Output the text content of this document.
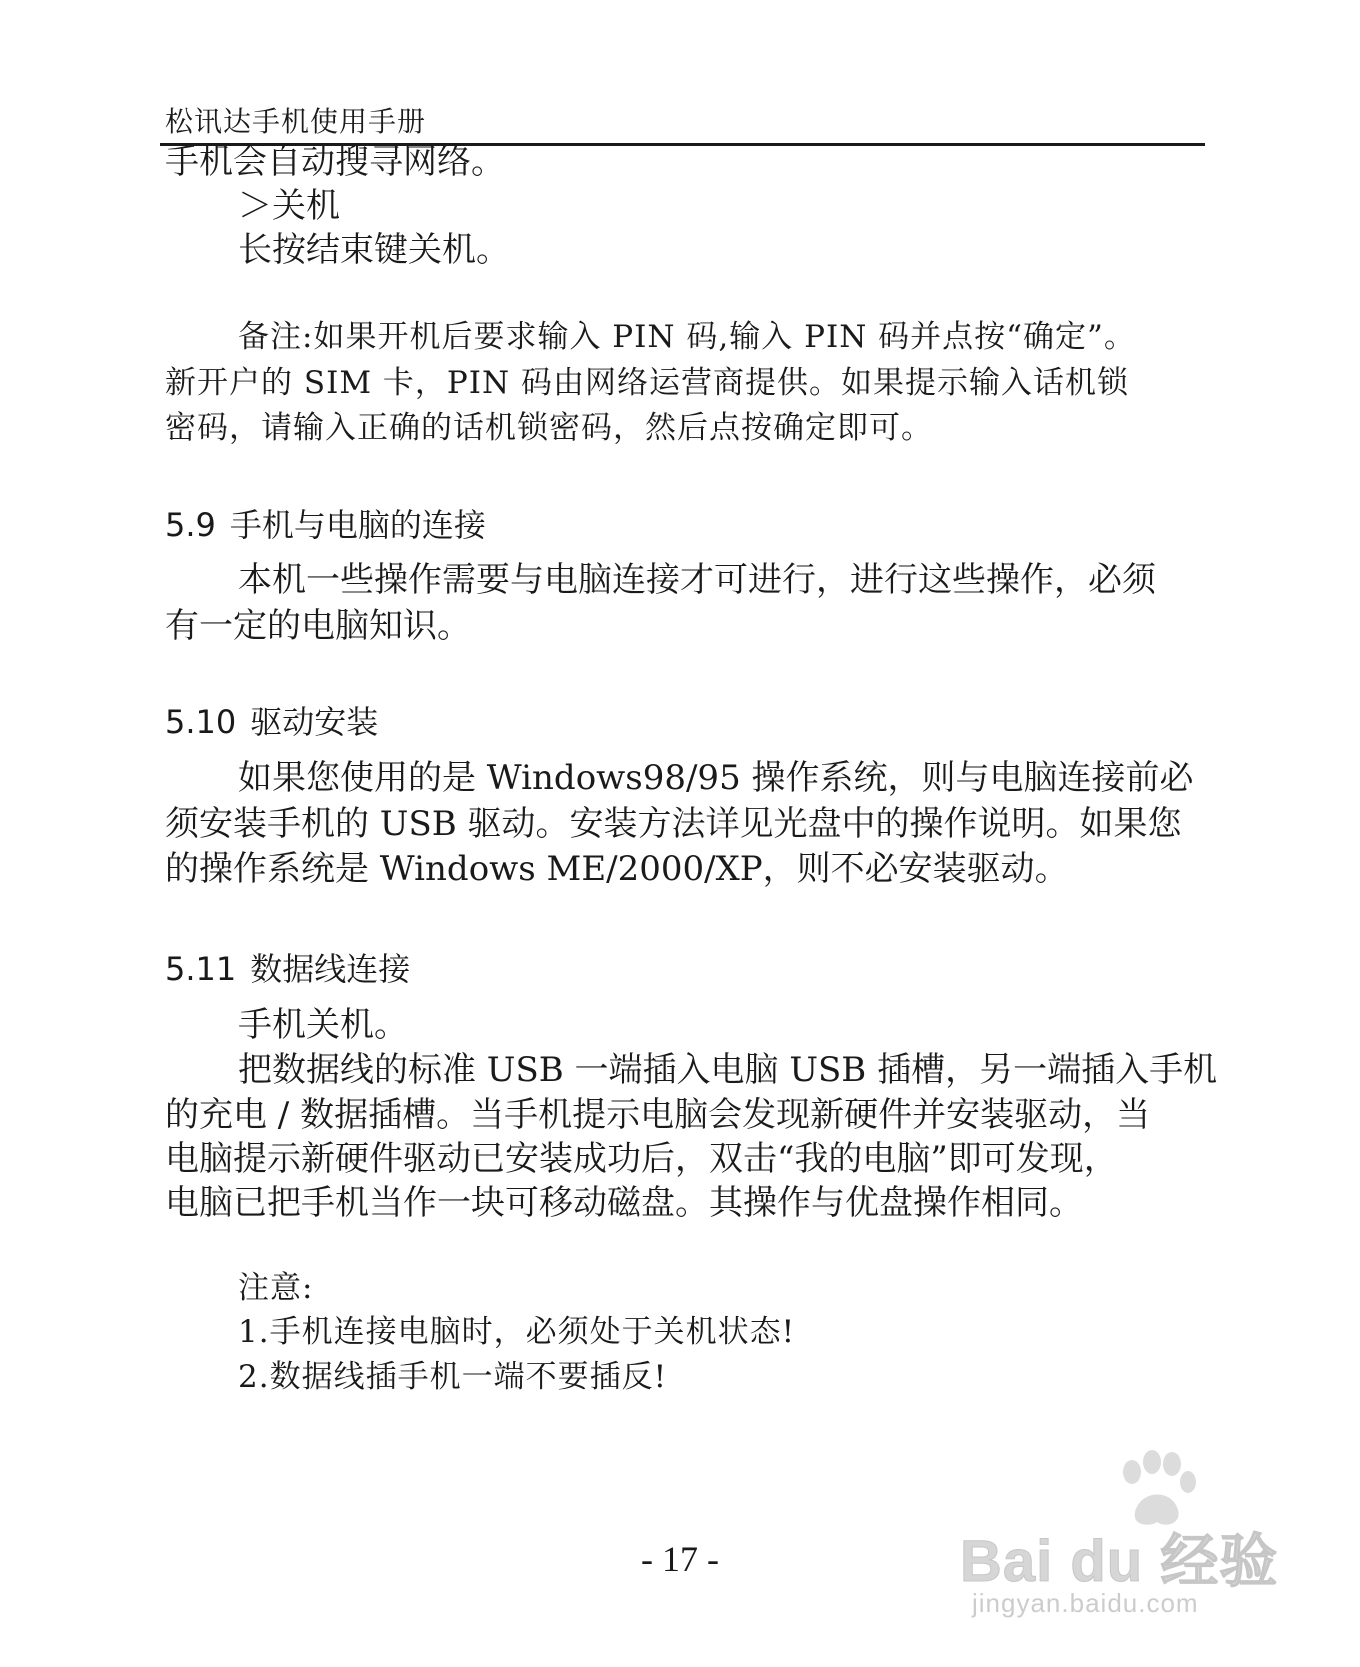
松讯达手机使用手册
手机会自动搜寻网络。
＞关机
长按结束键关机。
备注:如果开机后要求输入 PIN 码,输入 PIN 码并点按“确定”。
新开户的 SIM 卡，PIN 码由网络运营商提供。如果提示输入话机锁
密码，请输入正确的话机锁密码，然后点按确定即可。
5.9 手机与电脑的连接
本机一些操作需要与电脑连接才可进行，进行这些操作，必须
有一定的电脑知识。
5.10 驱动安装
如果您使用的是 Windows98/95 操作系统，则与电脑连接前必
须安装手机的 USB 驱动。安装方法详见光盘中的操作说明。如果您
的操作系统是 Windows ME/2000/XP，则不必安装驱动。
5.11 数据线连接
手机关机。
把数据线的标准 USB 一端插入电脑 USB 插槽，另一端插入手机
的充电 / 数据插槽。当手机提示电脑会发现新硬件并安装驱动，当
电脑提示新硬件驱动已安装成功后，双击“我的电脑”即可发现，
电脑已把手机当作一块可移动磁盘。其操作与优盘操作相同。
注意:
1.手机连接电脑时，必须处于关机状态!
2.数据线插手机一端不要插反!
- 17 -	Bai du 经验
jingyan.baidu.com
